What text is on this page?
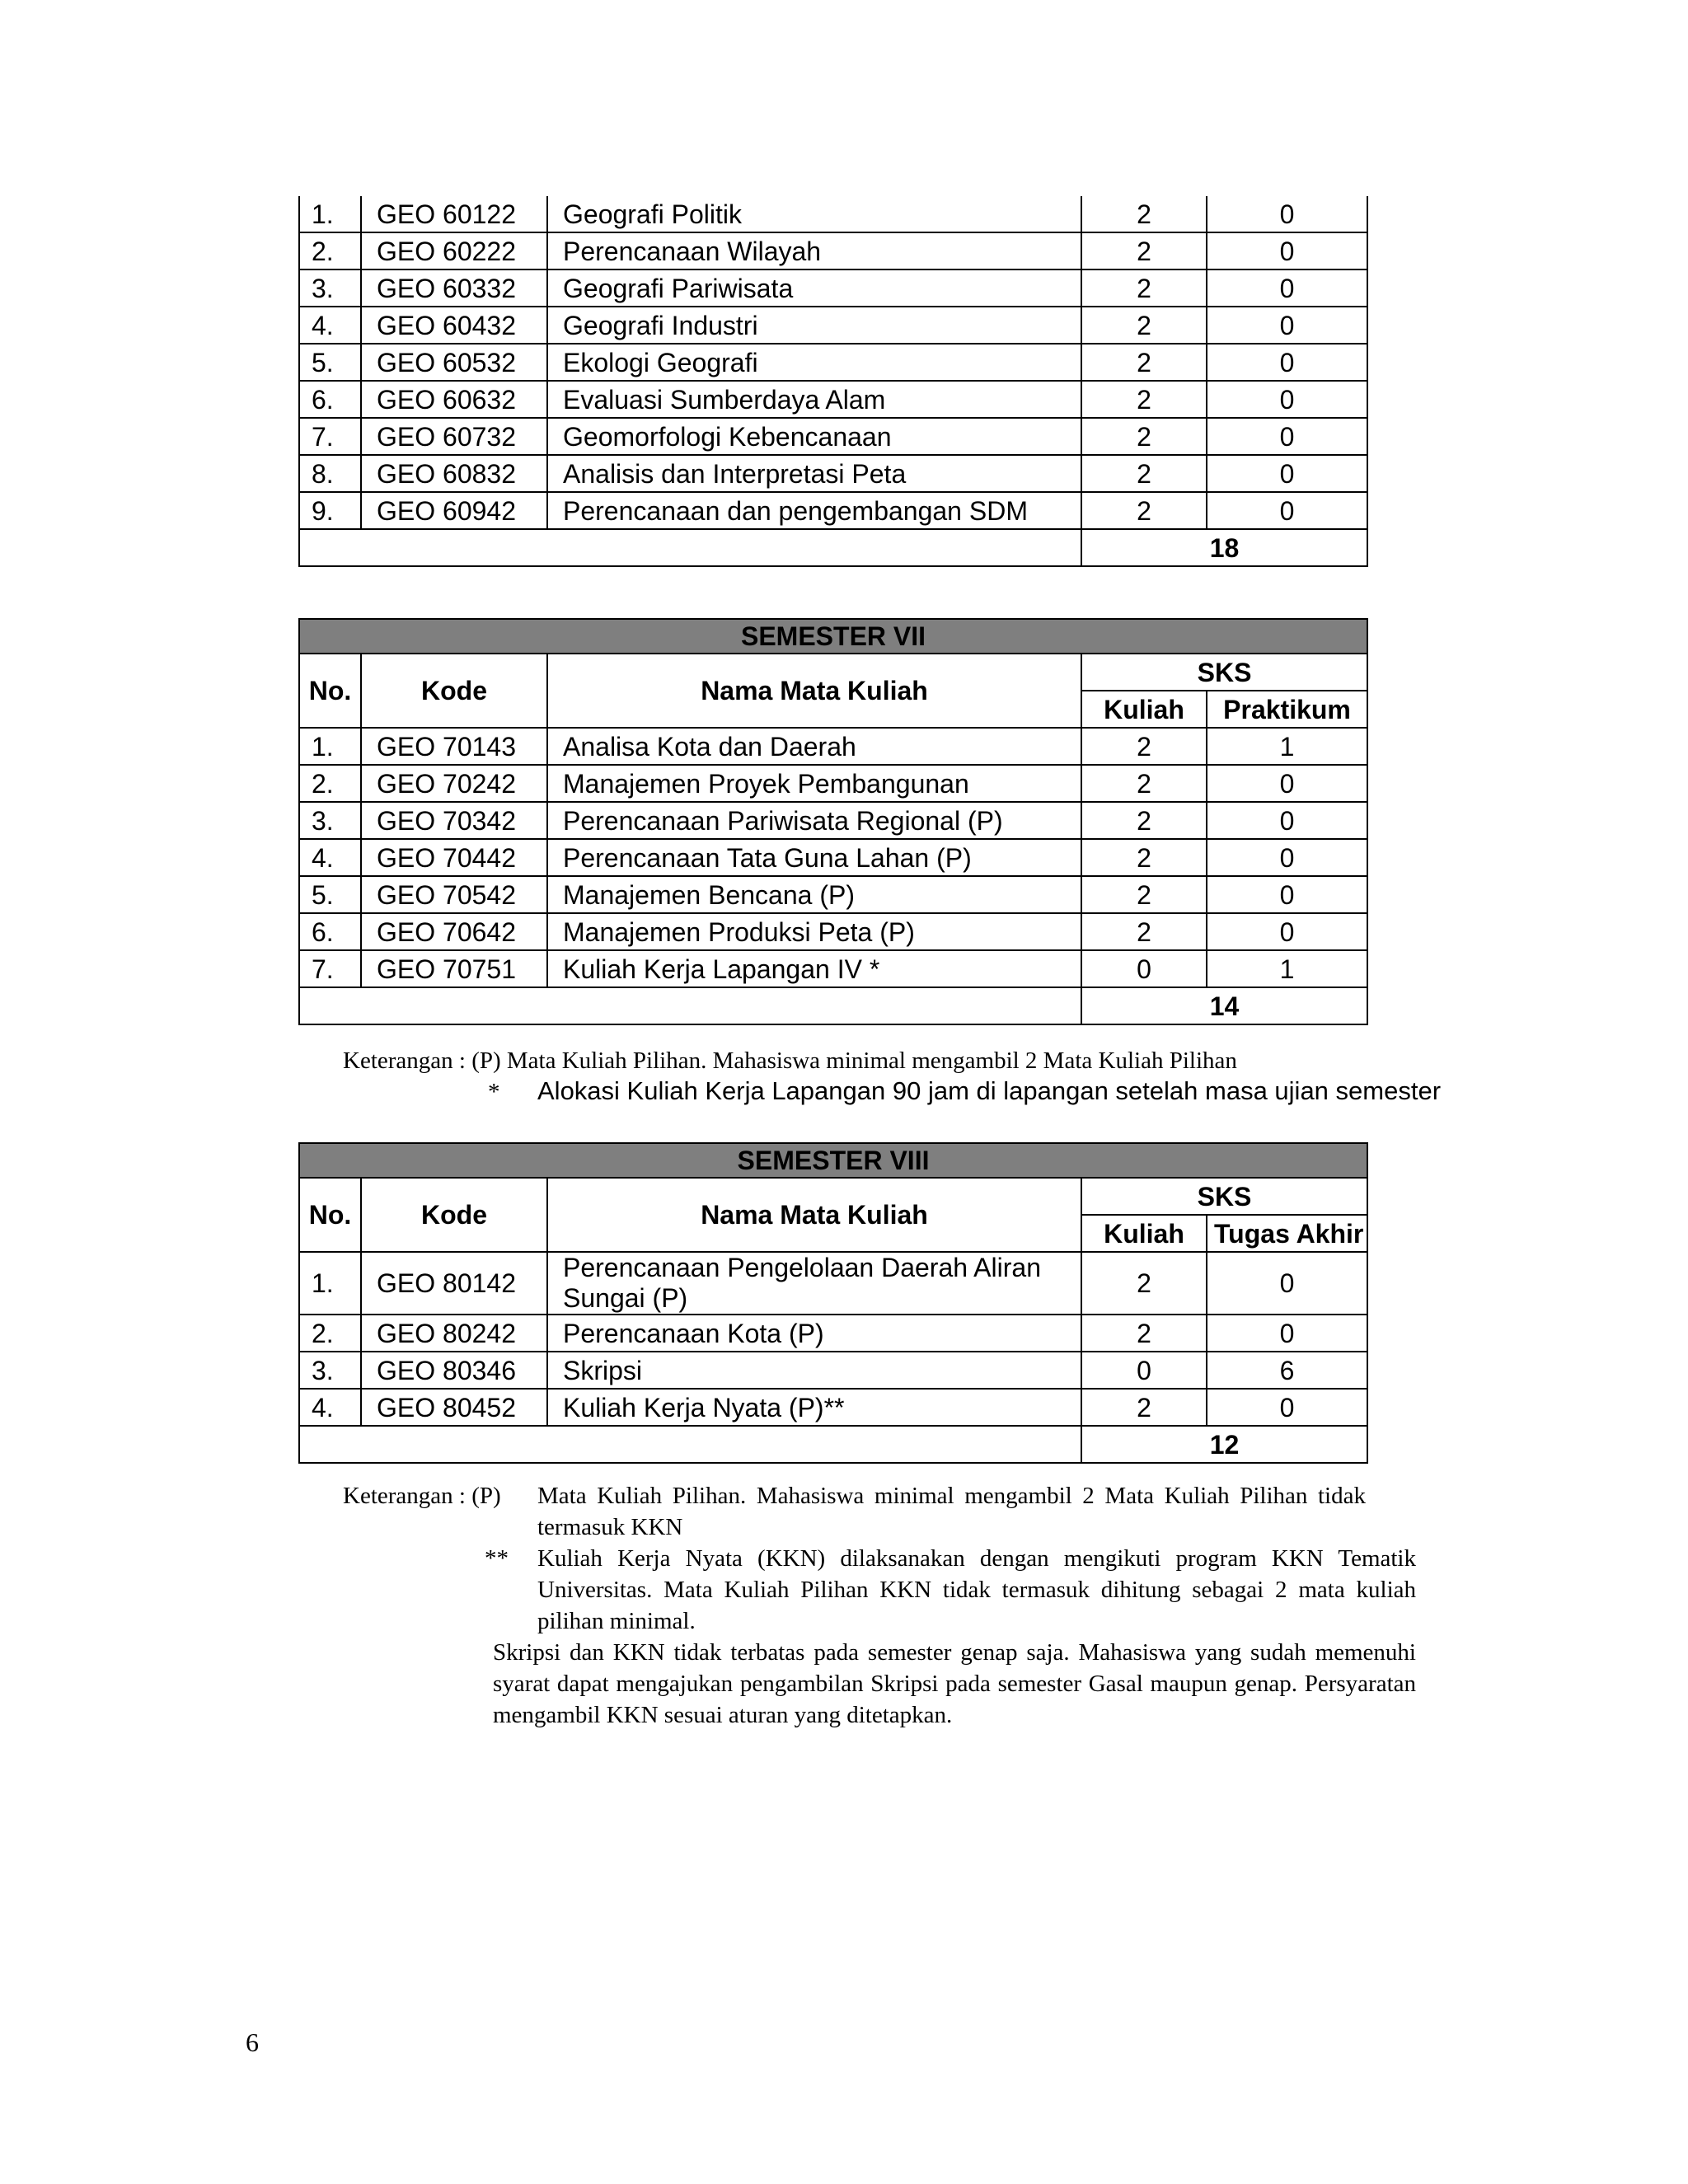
1.	GEO 60122	Geografi Politik	2	0
2.	GEO 60222	Perencanaan Wilayah	2	0
3.	GEO 60332	Geografi Pariwisata	2	0
4.	GEO 60432	Geografi Industri	2	0
5.	GEO 60532	Ekologi Geografi	2	0
6.	GEO 60632	Evaluasi Sumberdaya Alam	2	0
7.	GEO 60732	Geomorfologi Kebencanaan	2	0
8.	GEO 60832	Analisis dan Interpretasi Peta	2	0
9.	GEO 60942	Perencanaan dan pengembangan SDM	2	0
			18	
SEMESTER VII				
No.	Kode	Nama Mata Kuliah	SKS	
			Kuliah	Praktikum
1.	GEO 70143	Analisa Kota dan Daerah	2	1
2.	GEO 70242	Manajemen Proyek Pembangunan	2	0
3.	GEO 70342	Perencanaan Pariwisata Regional (P)	2	0
4.	GEO 70442	Perencanaan Tata Guna Lahan (P)	2	0
5.	GEO 70542	Manajemen Bencana (P)	2	0
6.	GEO 70642	Manajemen Produksi Peta (P)	2	0
7.	GEO 70751	Kuliah Kerja Lapangan IV *	0	1
			14	
Keterangan : (P) Mata Kuliah Pilihan. Mahasiswa minimal mengambil 2 Mata Kuliah Pilihan
* Alokasi Kuliah Kerja Lapangan 90 jam di lapangan setelah masa ujian semester
SEMESTER VIII				
No.	Kode	Nama Mata Kuliah	SKS	
			Kuliah	Tugas Akhir
1.	GEO 80142	Perencanaan Pengelolaan Daerah Aliran Sungai (P)	2	0
2.	GEO 80242	Perencanaan Kota (P)	2	0
3.	GEO 80346	Skripsi	0	6
4.	GEO 80452	Kuliah Kerja Nyata (P)**	2	0
			12	
Keterangan : (P) Mata Kuliah Pilihan. Mahasiswa minimal mengambil 2 Mata Kuliah Pilihan tidak termasuk KKN
** Kuliah Kerja Nyata (KKN) dilaksanakan dengan mengikuti program KKN Tematik Universitas. Mata Kuliah Pilihan KKN tidak termasuk dihitung sebagai 2 mata kuliah pilihan minimal.
Skripsi dan KKN tidak terbatas pada semester genap saja. Mahasiswa yang sudah memenuhi syarat dapat mengajukan pengambilan Skripsi pada semester Gasal maupun genap. Persyaratan mengambil KKN sesuai aturan yang ditetapkan.
6
